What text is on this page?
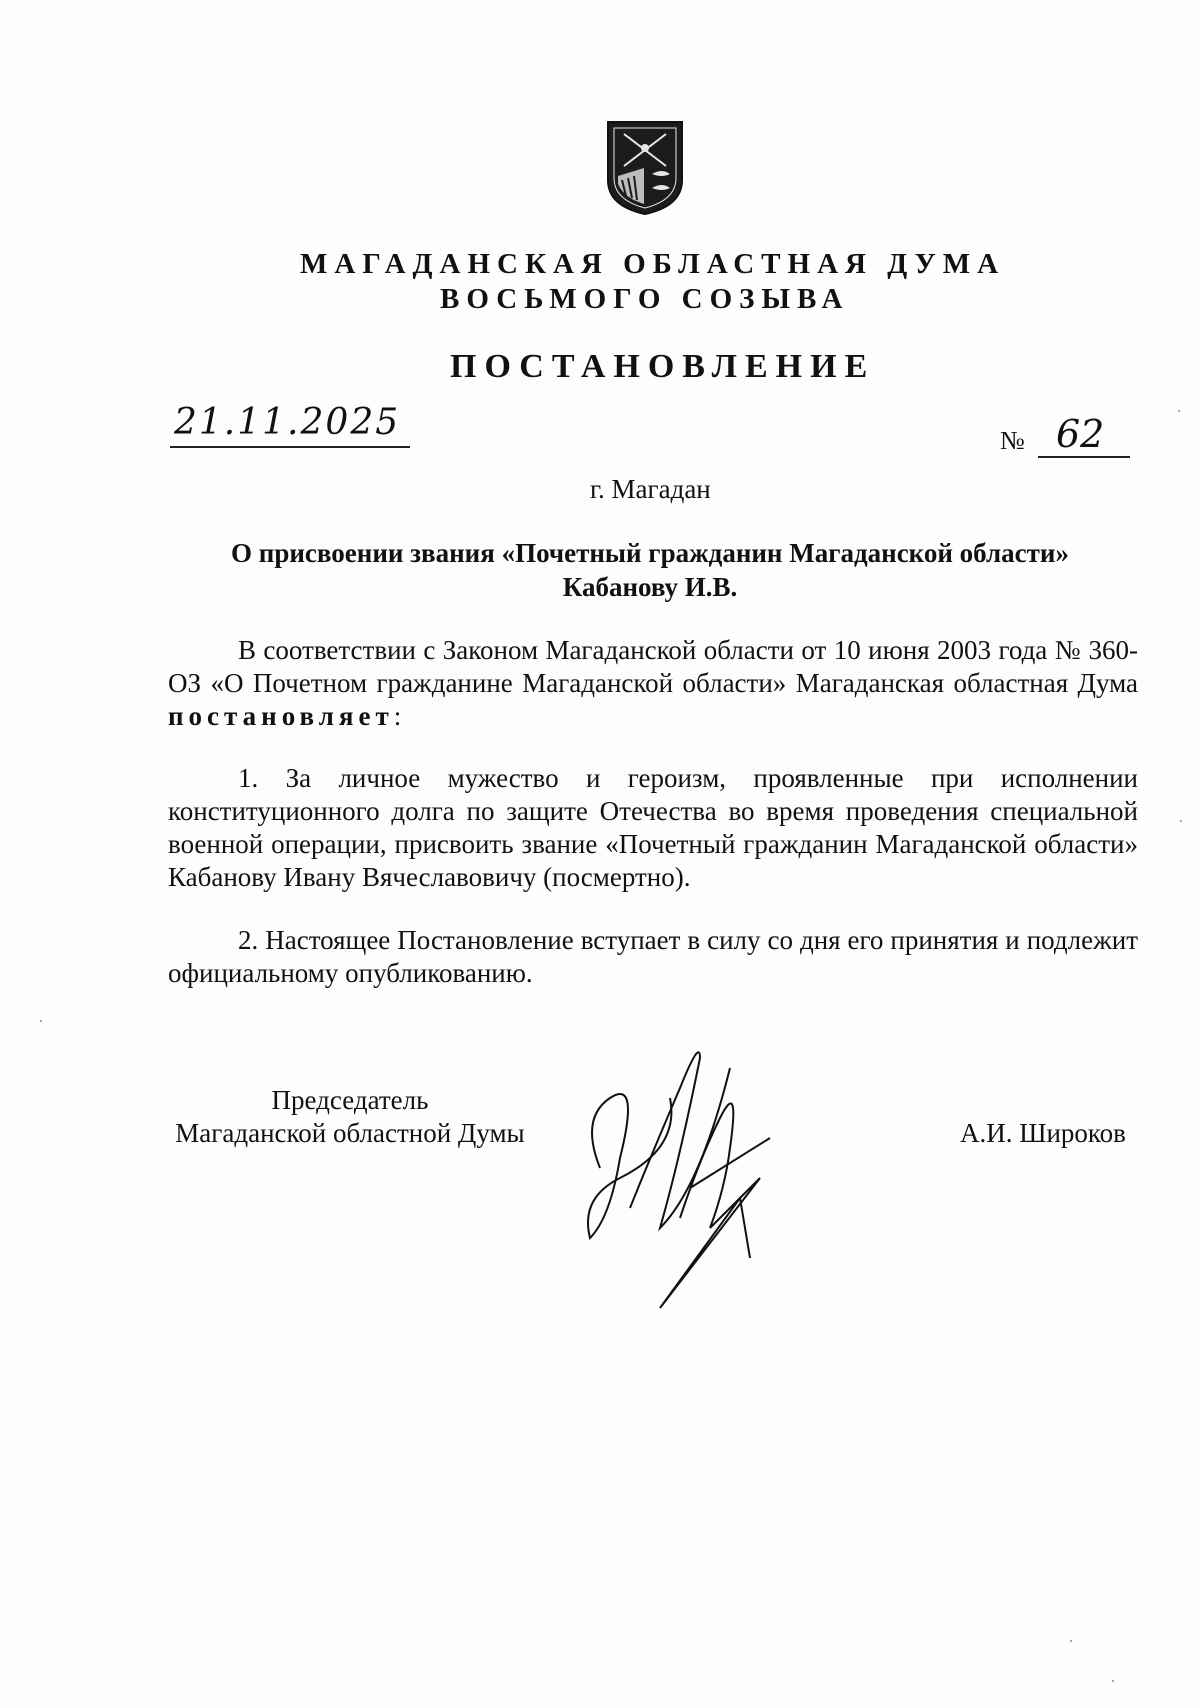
МАГАДАНСКАЯ ОБЛАСТНАЯ ДУМА
ВОСЬМОГО СОЗЫВА
ПОСТАНОВЛЕНИЕ
21.11.2025	№ 62
г. Магадан
О присвоении звания «Почетный гражданин Магаданской области»
Кабанову И.В.
В соответствии с Законом Магаданской области от 10 июня 2003 года № 360-ОЗ «О Почетном гражданине Магаданской области» Магаданская областная Дума постановляет:
1. За личное мужество и героизм, проявленные при исполнении конституционного долга по защите Отечества во время проведения специальной военной операции, присвоить звание «Почетный гражданин Магаданской области» Кабанову Ивану Вячеславовичу (посмертно).
2. Настоящее Постановление вступает в силу со дня его принятия и подлежит официальному опубликованию.
Председатель
Магаданской областной Думы	А.И. Широков
